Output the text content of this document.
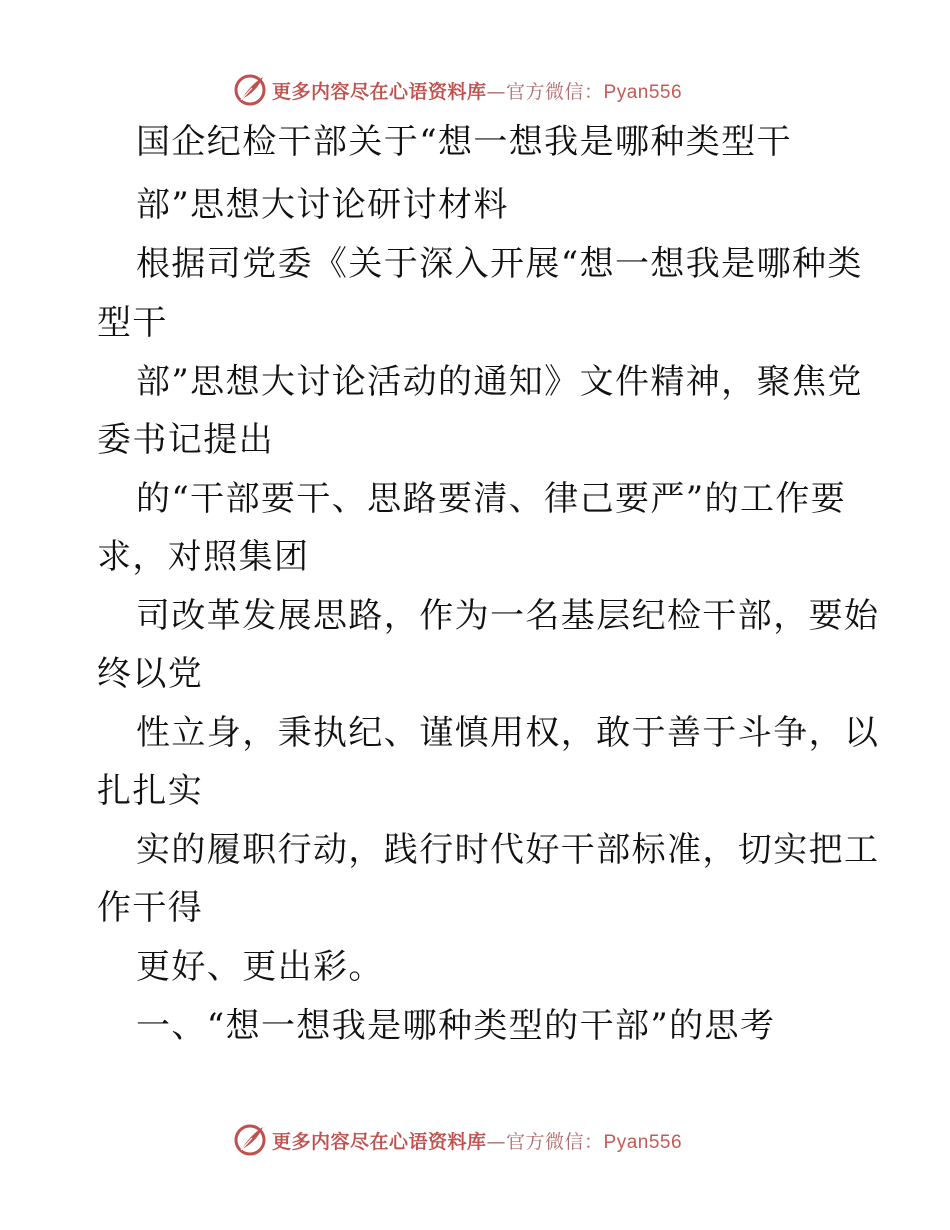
更多内容尽在心语资料库—官方微信：Pyan556
国企纪检干部关于“想一想我是哪种类型干
部”思想大讨论研讨材料
根据司党委《关于深入开展“想一想我是哪种类
型干
部”思想大讨论活动的通知》文件精神，聚焦党
委书记提出
的“干部要干、思路要清、律己要严”的工作要
求，对照集团
司改革发展思路，作为一名基层纪检干部，要始
终以党
性立身，秉执纪、谨慎用权，敢于善于斗争，以
扎扎实
实的履职行动，践行时代好干部标准，切实把工
作干得
更好、更出彩。
一、“想一想我是哪种类型的干部”的思考
更多内容尽在心语资料库—官方微信：Pyan556
